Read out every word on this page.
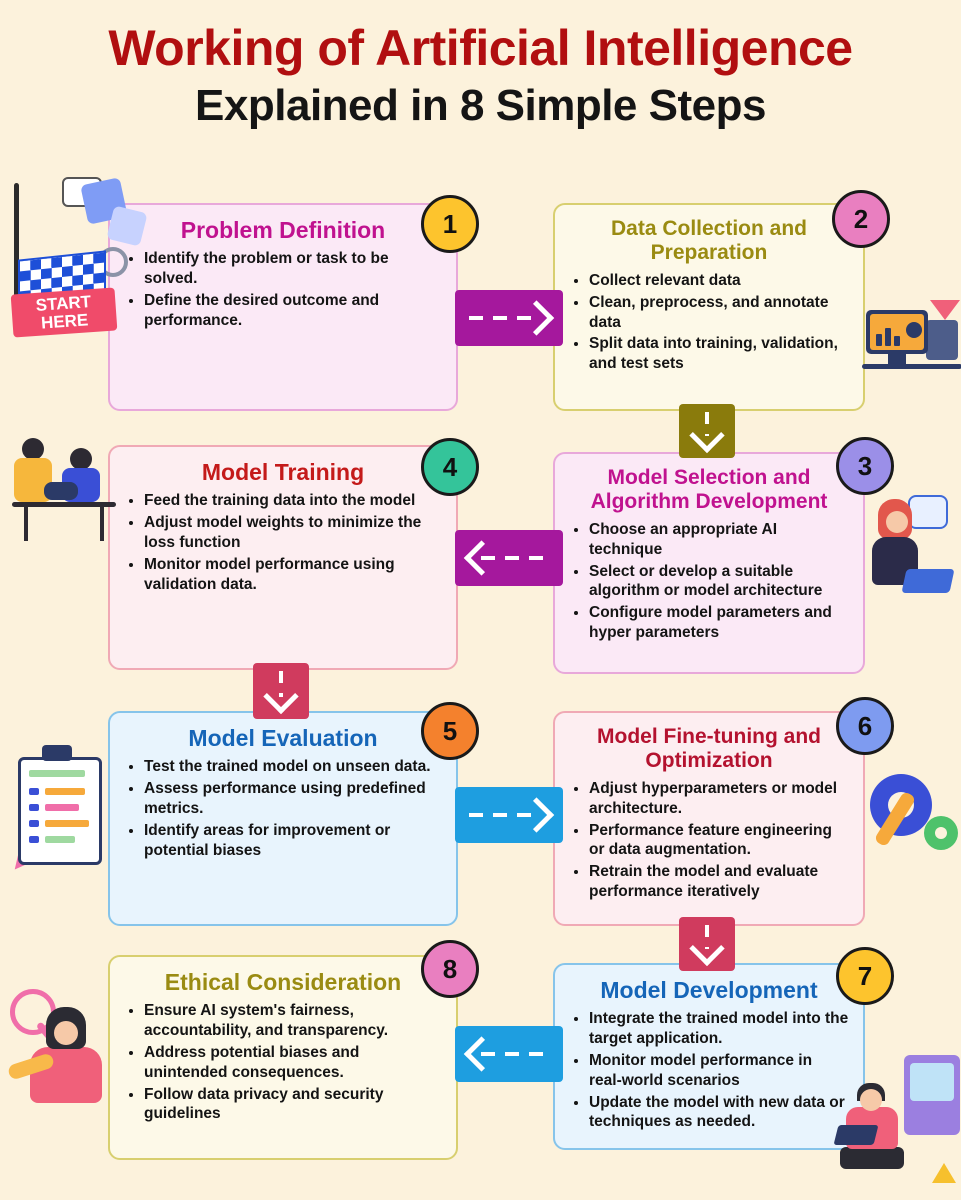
Working of Artificial Intelligence
Explained in 8 Simple Steps
START
HERE
Problem Definition
• Identify the problem or task to be solved.
• Define the desired outcome and performance.
Data Collection and Preparation
• Collect relevant data
• Clean, preprocess, and annotate data
• Split data into training, validation, and test sets
Model Selection and Algorithm Development
• Choose an appropriate AI technique
• Select or develop a suitable algorithm or model architecture
• Configure model parameters and hyper parameters
Model Training
• Feed the training data into the model
• Adjust model weights to minimize the loss function
• Monitor model performance using validation data.
Model Evaluation
• Test the trained model on unseen data.
• Assess performance using predefined metrics.
• Identify areas for improvement or potential biases
Model Fine-tuning and Optimization
• Adjust hyperparameters or model architecture.
• Performance feature engineering or data augmentation.
• Retrain the model and evaluate performance iteratively
Model Development
• Integrate the trained model into the target application.
• Monitor model performance in real-world scenarios
• Update the model with new data or techniques as needed.
Ethical Consideration
• Ensure AI system's fairness, accountability, and transparency.
• Address potential biases and unintended consequences.
• Follow data privacy and security guidelines
1	2
3
4
5	6
7
8
